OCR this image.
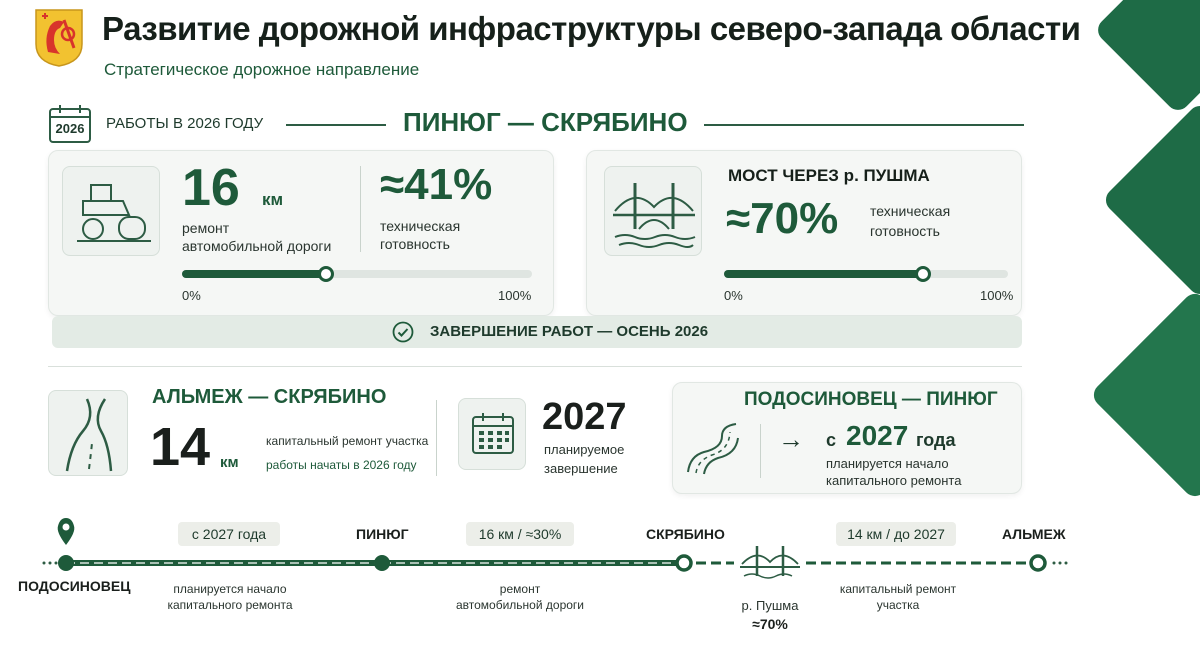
Развитие дорожной инфраструктуры северо-запада области
Стратегическое дорожное направление
2026	РАБОТЫ В 2026 ГОДУ	ПИНЮГ — СКРЯБИНО
16 км
ремонт
автомобильной дороги
≈41%
техническая
готовность
0%	100%
МОСТ ЧЕРЕЗ р. ПУШМА
≈70% техническая
готовность
0%	100%
ЗАВЕРШЕНИЕ РАБОТ — ОСЕНЬ 2026
АЛЬМЕЖ — СКРЯБИНО
14 км
капитальный ремонт участка
работы начаты в 2026 году
2027
планируемое
завершение
ПОДОСИНОВЕЦ — ПИНЮГ
→ с 2027 года
планируется начало
капитального ремонта
с 2027 года	16 км / ≈30%	14 км / до 2027
ПИНЮГ	СКРЯБИНО	АЛЬМЕЖ
ПОДОСИНОВЕЦ	планируется начало
капитального ремонта
ремонт
автомобильной дороги
капитальный ремонт
участка
р. Пушма
≈70%
